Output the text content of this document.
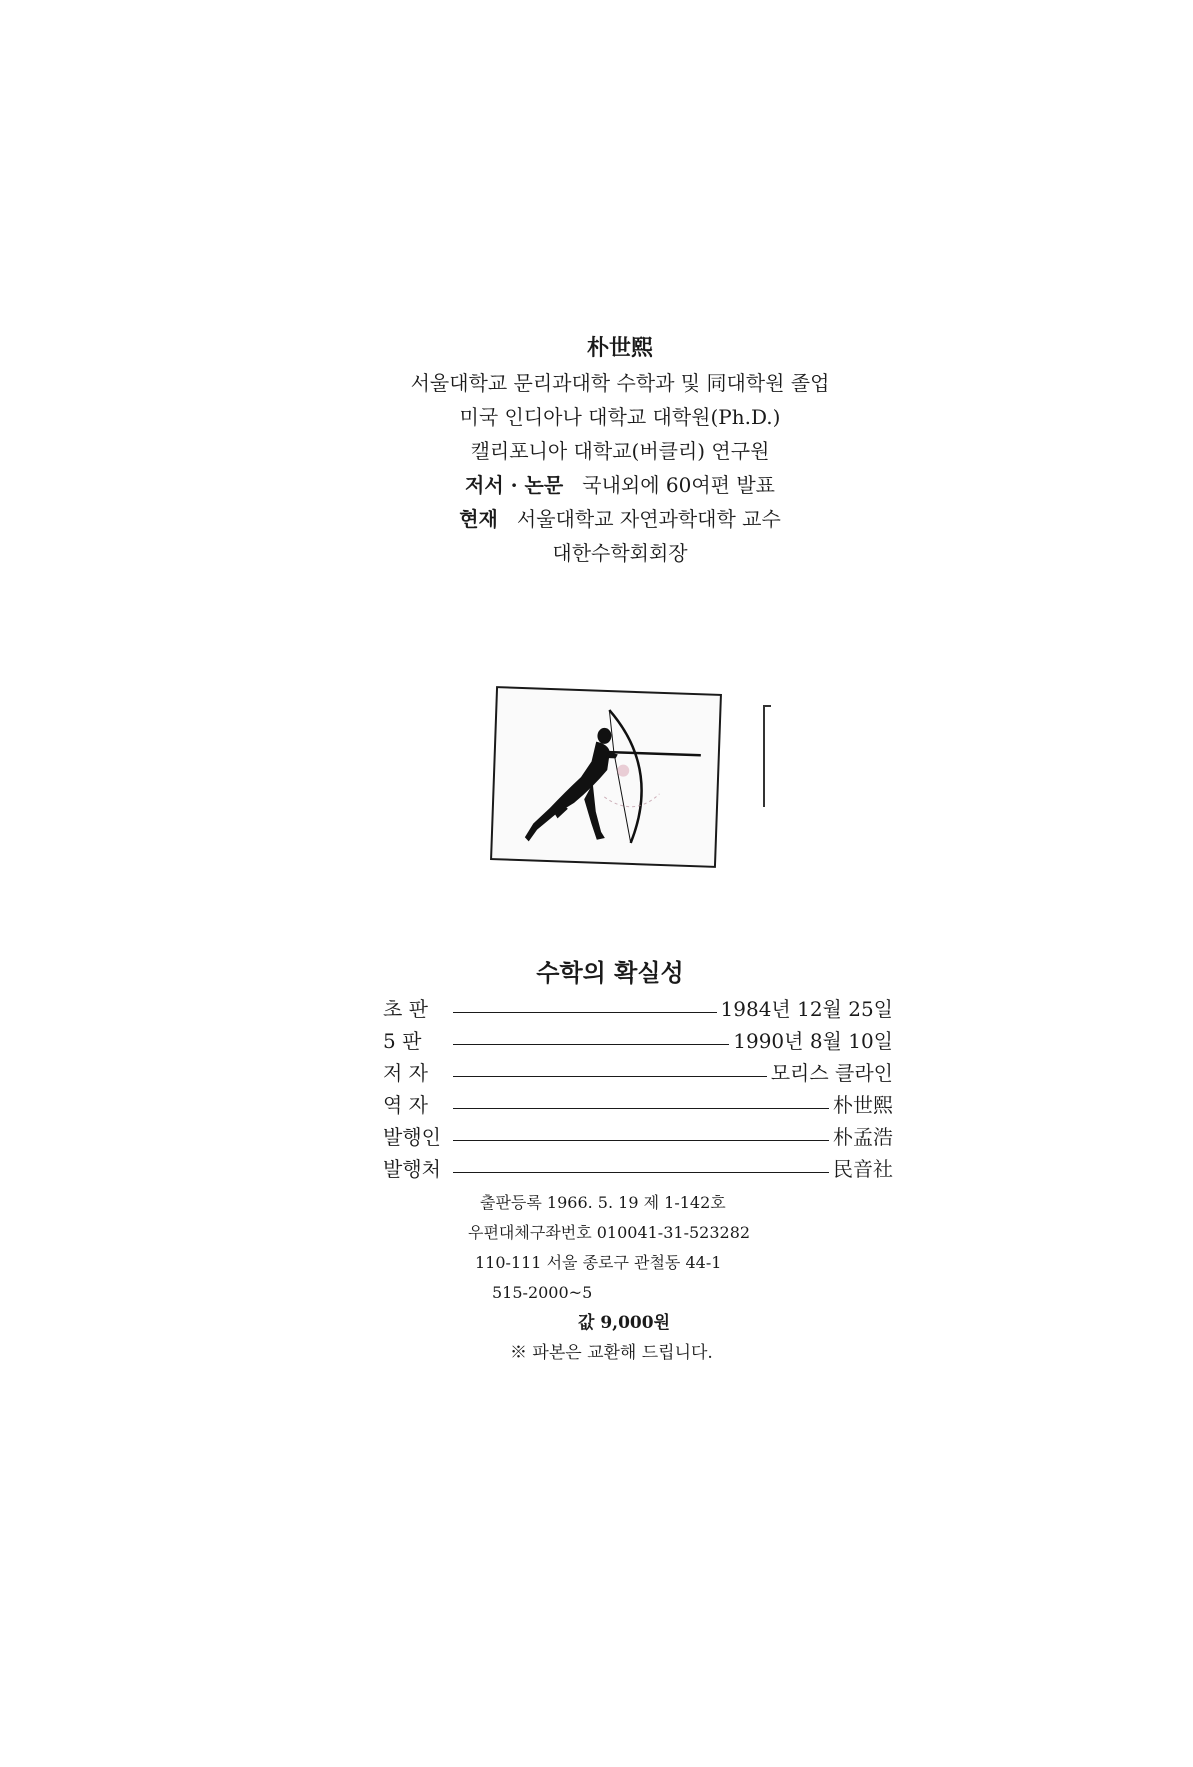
朴世熙
서울대학교 문리과대학 수학과 및 同대학원 졸업
미국 인디아나 대학교 대학원(Ph.D.)
캘리포니아 대학교(버클리) 연구원
저서 · 논문 국내외에 60여편 발표
현재 서울대학교 자연과학대학 교수
대한수학회회장
수학의 확실성
초 판	1984년 12월 25일
5 판	1990년 8월 10일
저 자	모리스 클라인
역 자	朴世熙
발행인	朴孟浩
발행처	民音社
출판등록 1966. 5. 19 제 1-142호
우편대체구좌번호 010041-31-523282
110-111 서울 종로구 관철동 44-1
515-2000~5
값 9,000원
※ 파본은 교환해 드립니다.
